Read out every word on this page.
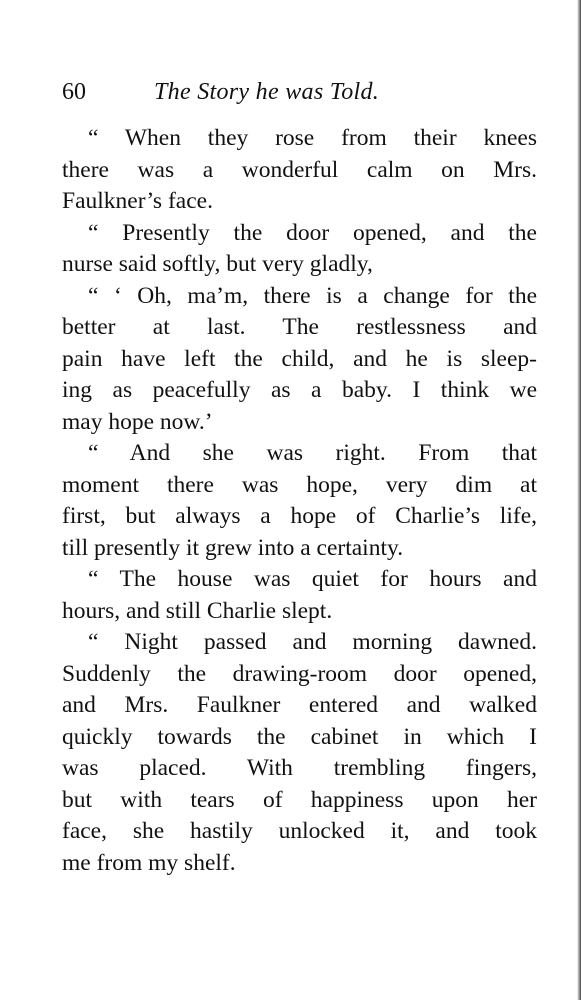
60	The Story he was Told.

“ When they rose from their knees
there was a wonderful calm on Mrs.
Faulkner’s face.

“ Presently the door opened, and the
nurse said softly, but very gladly,

“ ‘ Oh, ma’m, there is a change for the
better at last. The restlessness and
pain have left the child, and he is sleep-
ing as peacefully as a baby. I think we
may hope now.’

“ And she was right. From that
moment there was hope, very dim at
first, but always a hope of Charlie’s life,
till presently it grew into a certainty.

“ The house was quiet for hours and
hours, and still Charlie slept.

“ Night passed and morning dawned.
Suddenly the drawing-room door opened,
and Mrs. Faulkner entered and walked
quickly towards the cabinet in which I
was placed. With trembling fingers,
but with tears of happiness upon her
face, she hastily unlocked it, and took
me from my shelf.
